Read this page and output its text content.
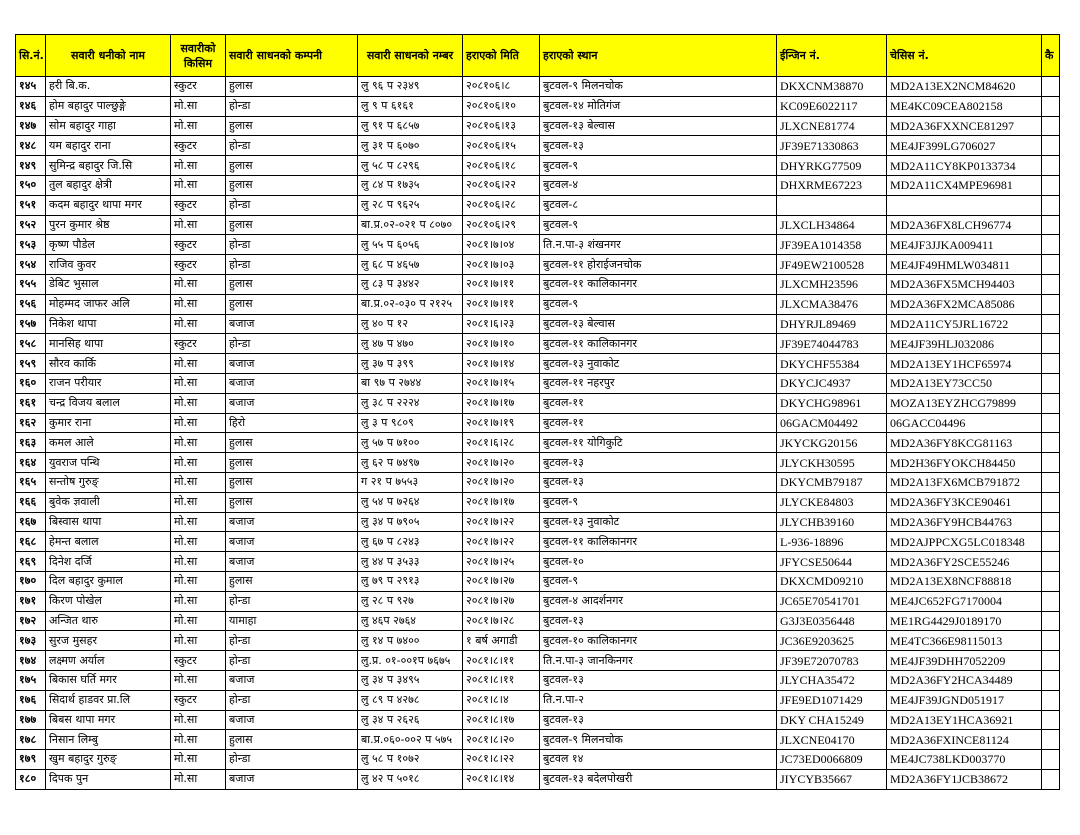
सि.नं.	सवारी धनीको नाम	सवारीको किसिम	सवारी साधनको कम्पनी	सवारी साधनको नम्बर	हराएको मिति	हराएको स्थान	ईन्जिन नं.	चेसिस नं.	कै
१४५	हरी बि.क.	स्कुटर	हुलास	लु ९६ प २३४९	२०८१०६।८	बुटवल-९ मिलनचोक	DKXCNM38870	MD2A13EX2NCM84620	
१४६	होम बहादुर पाल्छुङ्गे	मो.सा	होन्डा	लु ९ प ६१६१	२०८१०६।१०	बुटवल-१४ मोतिगंज	KC09E6022117	ME4KC09CEA802158	
१४७	सोम बहादुर गाहा	मो.सा	हुलास	लु ९१ प ६८५७	२०८१०६।१३	बुटवल-१३ बेल्वास	JLXCNE81774	MD2A36FXXNCE81297	
१४८	यम बहादुर राना	स्कुटर	होन्डा	लु ३१ प ६०७०	२०८१०६।१५	बुटवल-१३	JF39E71330863	ME4JF399LG706027	
१४९	सुमिन्द्र बहादुर जि.सि	मो.सा	हुलास	लु ५८ प ८२९६	२०८१०६।१८	बुटवल-९	DHYRKG77509	MD2A11CY8KP0133734	
१५०	तुल बहादुर क्षेत्री	मो.सा	हुलास	लु ८४ प १७३५	२०८१०६।२२	बुटवल-४	DHXRME67223	MD2A11CX4MPE96981	
१५१	कदम बहादुर थापा मगर	स्कुटर	होन्डा	लु २८ प ९६२५	२०८१०६।२८	बुटवल-८			
१५२	पुरन कुमार श्रेष्ठ	मो.सा	हुलास	बा.प्र.०२-०२१ प ८०७०	२०८१०६।२९	बुटवल-९	JLXCLH34864	MD2A36FX8LCH96774	
१५३	कृष्ण पौडेल	स्कुटर	होन्डा	लु ५५ प ६०५६	२०८१।७।०४	ति.न.पा-३ शंखनगर	JF39EA1014358	ME4JF3JJKA009411	
१५४	राजिव कुवर	स्कुटर	होन्डा	लु ६८ प ४६५७	२०८१।७।०३	बुटवल-११ होराईजनचोक	JF49EW2100528	ME4JF49HMLW034811	
१५५	डेबिट भुसाल	मो.सा	हुलास	लु ८३ प ३४४२	२०८१।७।११	बुटवल-११ कालिकानगर	JLXCMH23596	MD2A36FX5MCH94403	
१५६	मोहम्मद जाफर अलि	मो.सा	हुलास	बा.प्र.०२-०३० प २१२५	२०८१।७।११	बुटवल-९	JLXCMA38476	MD2A36FX2MCA85086	
१५७	निकेश थापा	मो.सा	बजाज	लु ४० प १२	२०८१।६।२३	बुटवल-१३ बेल्वास	DHYRJL89469	MD2A11CY5JRL16722	
१५८	मानसिह थापा	स्कुटर	होन्डा	लु ४७ प ४७०	२०८१।७।१०	बुटवल-११ कालिकानगर	JF39E74044783	ME4JF39HLJ032086	
१५९	सौरव कार्कि	मो.सा	बजाज	लु ३७ प ३९९	२०८१।७।१४	बुटवल-१३ नुवाकोट	DKYCHF55384	MD2A13EY1HCF65974	
१६०	राजन परीयार	मो.सा	बजाज	बा ९७ प २७४४	२०८१।७।१५	बुटवल-११ नहरपुर	DKYCJC4937	MD2A13EY73CC50	
१६१	चन्द्र विजय बलाल	मो.सा	बजाज	लु ३८ प २२२४	२०८१।७।१७	बुटवल-११	DKYCHG98961	MOZA13EYZHCG79899	
१६२	कुमार राना	मो.सा	हिरो	लु ३ प ९८०९	२०८१।७।१९	बुटवल-११	06GACM04492	06GACC04496	
१६३	कमल आले	मो.सा	हुलास	लु ५७ प ७१००	२०८१।६।२८	बुटवल-११ योगिकुटि	JKYCKG20156	MD2A36FY8KCG81163	
१६४	युवराज पन्थि	मो.सा	हुलास	लु ६२ प ७४९७	२०८१।७।२०	बुटवल-१३	JLYCKH30595	MD2H36FYOKCH84450	
१६५	सन्तोष गुरुङ्	मो.सा	हुलास	ग २१ प ७५५३	२०८१।७।२०	बुटवल-१३	DKYCMB79187	MD2A13FX6MCB791872	
१६६	बुवेक ज्ञवाली	मो.सा	हुलास	लु ५४ प ७२६४	२०८१।७।१७	बुटवल-९	JLYCKE84803	MD2A36FY3KCE90461	
१६७	बिस्वास थापा	मो.सा	बजाज	लु ३४ प ७९०५	२०८१।७।२२	बुटवल-१३ नुवाकोट	JLYCHB39160	MD2A36FY9HCB44763	
१६८	हेमन्त बलाल	मो.सा	बजाज	लु ६७ प ८२४३	२०८१।७।२२	बुटवल-११ कालिकानगर	L-936-18896	MD2AJPPCXG5LC018348	
१६९	दिनेश दर्जि	मो.सा	बजाज	लु ४४ प ३५३३	२०८१।७।२५	बुटवल-१०	JFYCSE50644	MD2A36FY2SCE55246	
१७०	दिल बहादुर कुमाल	मो.सा	हुलास	लु ७९ प २९१३	२०८१।७।२७	बुटवल-९	DKXCMD09210	MD2A13EX8NCF88818	
१७१	किरण पोखेल	मो.सा	होन्डा	लु २८ प ९२७	२०८१।७।२७	बुटवल-४ आदर्शनगर	JC65E70541701	ME4JC652FG7170004	
१७२	अन्जित थारु	मो.सा	यामाहा	लु ४६प २७६४	२०८१।७।२८	बुटवल-१३	G3J3E0356448	ME1RG4429J0189170	
१७३	सुरज मुसहर	मो.सा	होन्डा	लु १४ प ७४००	१ बर्ष अगाडी	बुटवल-१० कालिकानगर	JC36E9203625	ME4TC366E98115013	
१७४	लक्ष्मण अर्याल	स्कुटर	होन्डा	लु.प्र. ०१-००१प ७६७५	२०८१।८।११	ति.न.पा-३ जानकिनगर	JF39E72070783	ME4JF39DHH7052209	
१७५	बिकास घर्ति मगर	मो.सा	बजाज	लु ३४ प ३४९५	२०८१।८।११	बुटवल-१३	JLYCHA35472	MD2A36FY2HCA34489	
१७६	सिदार्थ हाडवर प्रा.लि	स्कुटर	होन्डा	लु ८९ प ४२७८	२०८१।८।४	ति.न.पा-२	JFE9ED1071429	ME4JF39JGND051917	
१७७	बिबस थापा मगर	मो.सा	बजाज	लु ३४ प २६२६	२०८१।८।१७	बुटवल-१३	DKY CHA15249	MD2A13EY1HCA36921	
१७८	निसान लिम्बु	मो.सा	हुलास	बा.प्र.०६०-००२ प ५७५	२०८१।८।२०	बुटवल-९ मिलनचोक	JLXCNE04170	MD2A36FXINCE81124	
१७९	खुम बहादुर गुरुङ्	मो.सा	होन्डा	लु ५८ प १०७२	२०८१।८।२२	बुटवल १४	JC73ED0066809	ME4JC738LKD003770	
१८०	दिपक पुन	मो.सा	बजाज	लु ४२ प ५०१८	२०८१।८।१४	बुटवल-१३ बदेलपोखरी	JIYCYB35667	MD2A36FY1JCB38672	
